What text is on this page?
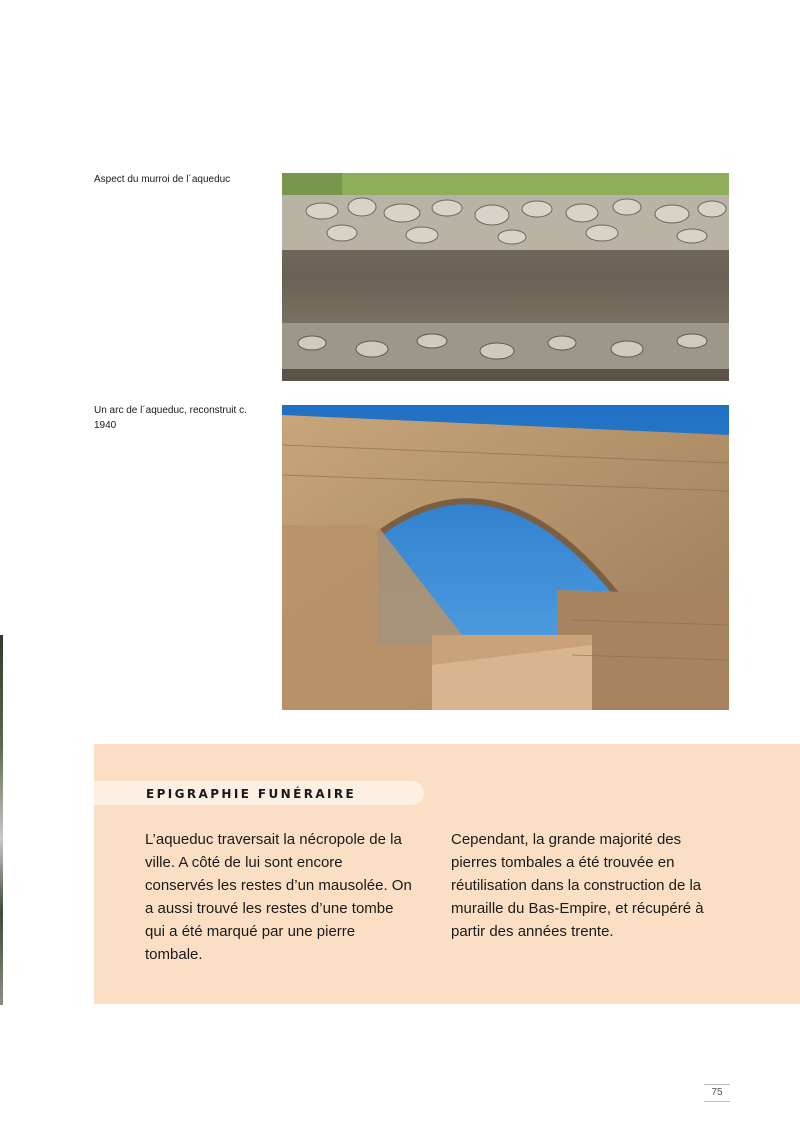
Aspect du murroi de l´aqueduc
Un arc de l´aqueduc, reconstruit c. 1940
EPIGRAPHIE FUNÉRAIRE
L’aqueduc traversait la nécropole de la ville. A côté de lui sont encore conservés les restes d’un mausolée. On a aussi trouvé les restes d’une tombe qui a été marqué par une pierre tombale.
Cependant, la grande majorité des pierres tombales a été trouvée en réutilisation dans la construction de la muraille du Bas-Empire, et récupéré à partir des années trente.
75
